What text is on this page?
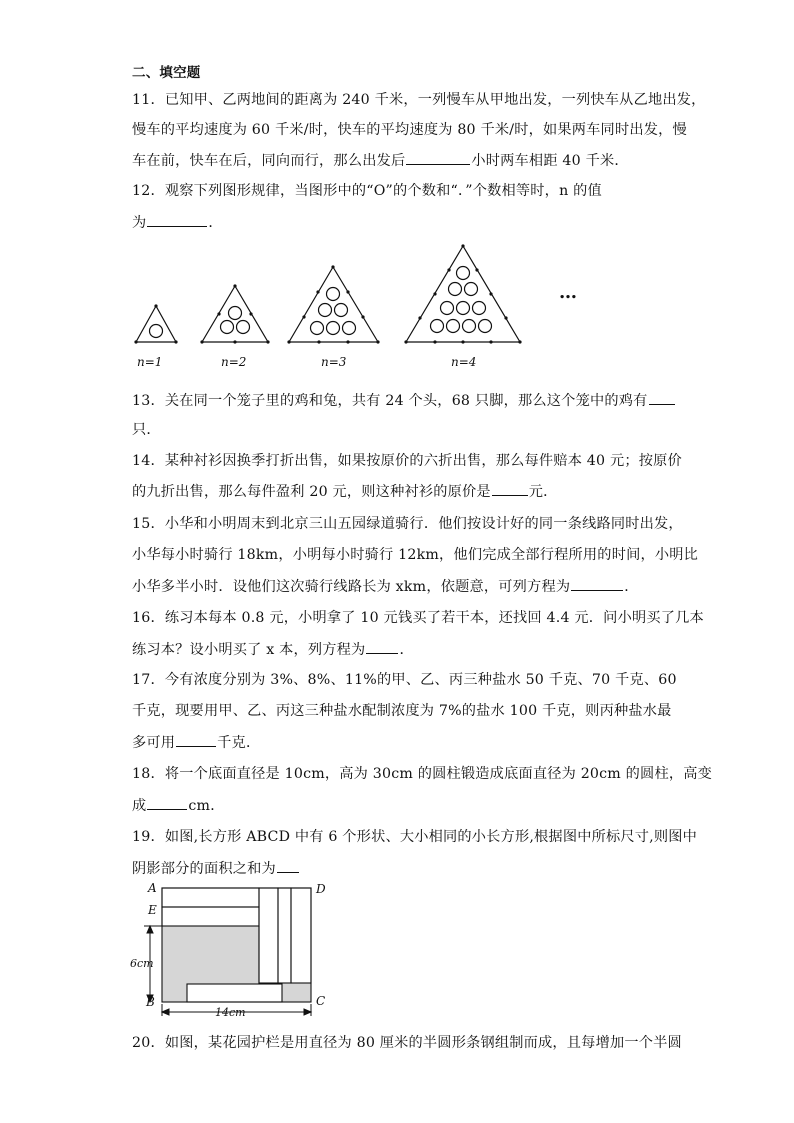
二、填空题
11．已知甲、乙两地间的距离为 240 千米，一列慢车从甲地出发，一列快车从乙地出发，
慢车的平均速度为 60 千米/时，快车的平均速度为 80 千米/时，如果两车同时出发，慢
车在前，快车在后，同向而行，那么出发后	小时两车相距 40 千米．
12．观察下列图形规律，当图形中的“O”的个数和“．”个数相等时，n 的值
为	．
n=1	n=2	n=3	n=4
…
13．关在同一个笼子里的鸡和兔，共有 24 个头，68 只脚，那么这个笼中的鸡有
只．
14．某种衬衫因换季打折出售，如果按原价的六折出售，那么每件赔本 40 元；按原价
的九折出售，那么每件盈利 20 元，则这种衬衫的原价是	元．
15．小华和小明周末到北京三山五园绿道骑行．他们按设计好的同一条线路同时出发，
小华每小时骑行 18km，小明每小时骑行 12km，他们完成全部行程所用的时间，小明比
小华多半小时．设他们这次骑行线路长为 xkm，依题意，可列方程为	．
16．练习本每本 0.8 元，小明拿了 10 元钱买了若干本，还找回 4.4 元．问小明买了几本
练习本？设小明买了 x 本，列方程为 ．
17．今有浓度分别为 3%、8%、11%的甲、乙、丙三种盐水 50 千克、70 千克、60
千克，现要用甲、乙、丙这三种盐水配制浓度为 7%的盐水 100 千克，则丙种盐水最
多可用	千克．
18．将一个底面直径是 10cm，高为 30cm 的圆柱锻造成底面直径为 20cm 的圆柱，高变
成	cm．
19．如图,长方形 ABCD 中有 6 个形状、大小相同的小长方形,根据图中所标尺寸,则图中
阴影部分的面积之和为
A	D
E
B	C
6cm
14cm
20．如图，某花园护栏是用直径为 80 厘米的半圆形条钢组制而成，且每增加一个半圆
